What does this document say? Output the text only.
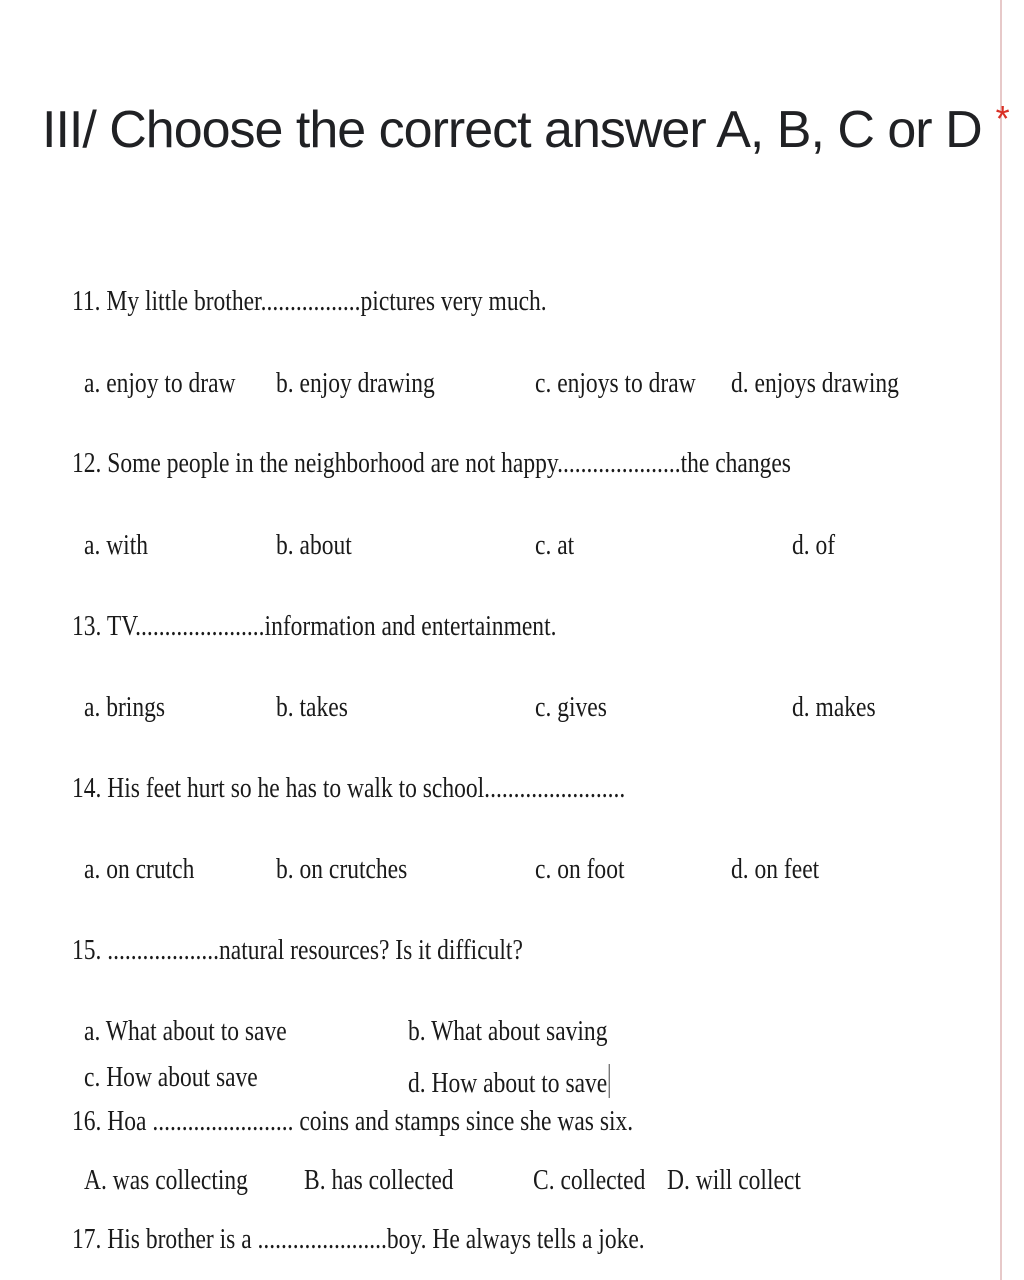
III/ Choose the correct answer A, B, C or D *
11. My little brother.................pictures very much.
a. enjoy to draw b. enjoy drawing	c. enjoys to draw d. enjoys drawing
12. Some people in the neighborhood are not happy.....................the changes
a. with	b. about	c. at	d. of
13. TV......................information and entertainment.
a. brings	b. takes	c. gives	d. makes
14. His feet hurt so he has to walk to school........................
a. on crutch	b. on crutches	c. on foot	d. on feet
15. ...................natural resources? Is it difficult?
a. What about to save	b. What about saving
c. How about save	d. How about to save
16. Hoa ........................ coins and stamps since she was six.
A. was collecting B. has collected	C. collected D. will collect
17. His brother is a ......................boy. He always tells a joke.
